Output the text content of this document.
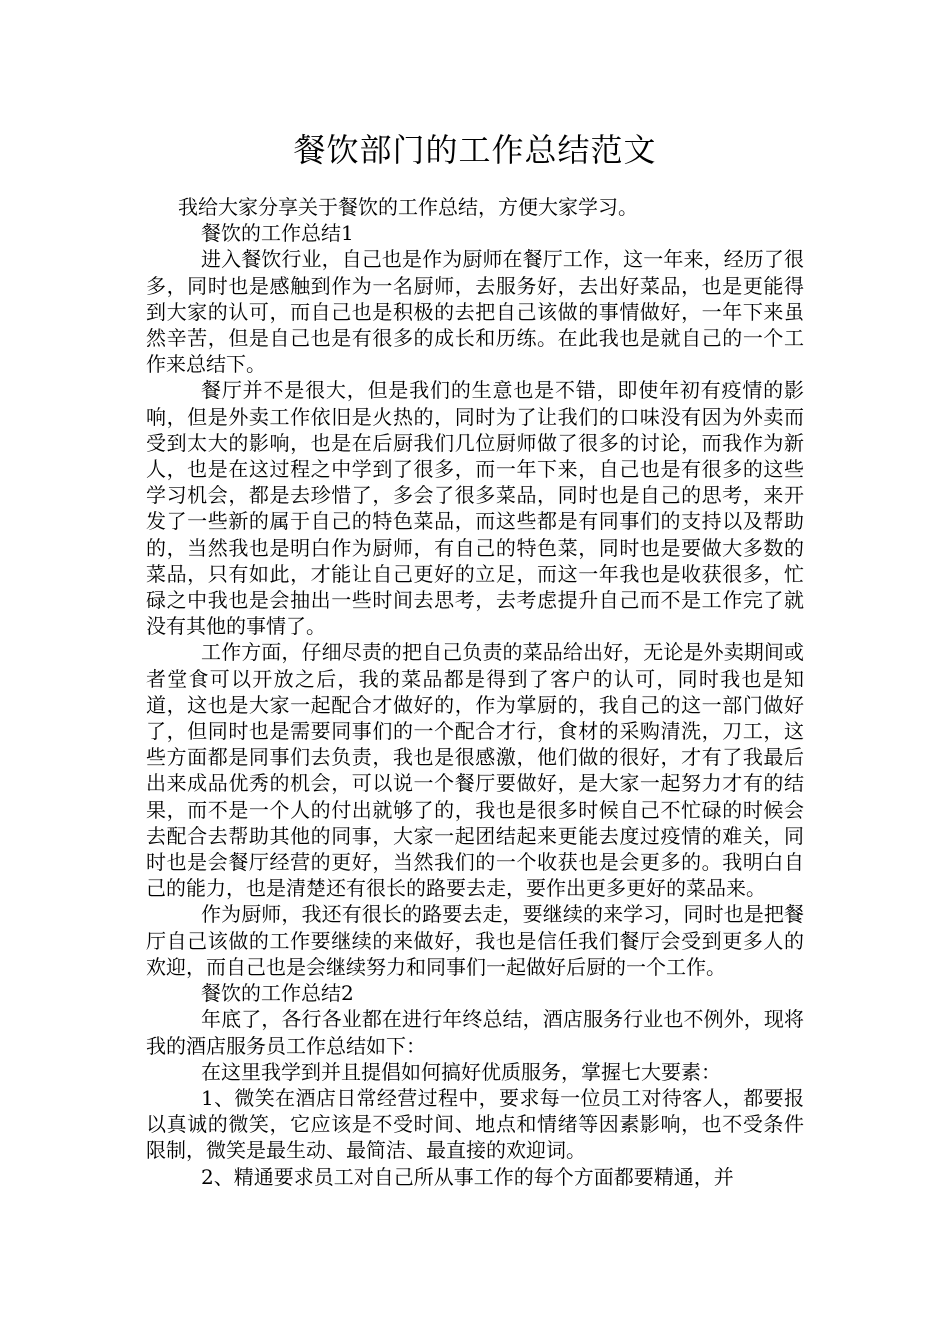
餐饮部门的工作总结范文

我给大家分享关于餐饮的工作总结，方便大家学习。

餐饮的工作总结1

进入餐饮行业，自己也是作为厨师在餐厅工作，这一年来，经历了很多，同时也是感触到作为一名厨师，去服务好，去出好菜品，也是更能得到大家的认可，而自己也是积极的去把自己该做的事情做好，一年下来虽然辛苦，但是自己也是有很多的成长和历练。在此我也是就自己的一个工作来总结下。

餐厅并不是很大，但是我们的生意也是不错，即使年初有疫情的影响，但是外卖工作依旧是火热的，同时为了让我们的口味没有因为外卖而受到太大的影响，也是在后厨我们几位厨师做了很多的讨论，而我作为新人，也是在这过程之中学到了很多，而一年下来，自己也是有很多的这些学习机会，都是去珍惜了，多会了很多菜品，同时也是自己的思考，来开发了一些新的属于自己的特色菜品，而这些都是有同事们的支持以及帮助的，当然我也是明白作为厨师，有自己的特色菜，同时也是要做大多数的菜品，只有如此，才能让自己更好的立足，而这一年我也是收获很多，忙碌之中我也是会抽出一些时间去思考，去考虑提升自己而不是工作完了就没有其他的事情了。

工作方面，仔细尽责的把自己负责的菜品给出好，无论是外卖期间或者堂食可以开放之后，我的菜品都是得到了客户的认可，同时我也是知道，这也是大家一起配合才做好的，作为掌厨的，我自己的这一部门做好了，但同时也是需要同事们的一个配合才行，食材的采购清洗，刀工，这些方面都是同事们去负责，我也是很感激，他们做的很好，才有了我最后出来成品优秀的机会，可以说一个餐厅要做好，是大家一起努力才有的结果，而不是一个人的付出就够了的，我也是很多时候自己不忙碌的时候会去配合去帮助其他的同事，大家一起团结起来更能去度过疫情的难关，同时也是会餐厅经营的更好，当然我们的一个收获也是会更多的。我明白自己的能力，也是清楚还有很长的路要去走，要作出更多更好的菜品来。

作为厨师，我还有很长的路要去走，要继续的来学习，同时也是把餐厅自己该做的工作要继续的来做好，我也是信任我们餐厅会受到更多人的欢迎，而自己也是会继续努力和同事们一起做好后厨的一个工作。

餐饮的工作总结2

年底了，各行各业都在进行年终总结，酒店服务行业也不例外，现将我的酒店服务员工作总结如下：

在这里我学到并且提倡如何搞好优质服务，掌握七大要素：

1、微笑在酒店日常经营过程中，要求每一位员工对待客人，都要报以真诚的微笑，它应该是不受时间、地点和情绪等因素影响，也不受条件限制，微笑是最生动、最简洁、最直接的欢迎词。

2、精通要求员工对自己所从事工作的每个方面都要精通，并
